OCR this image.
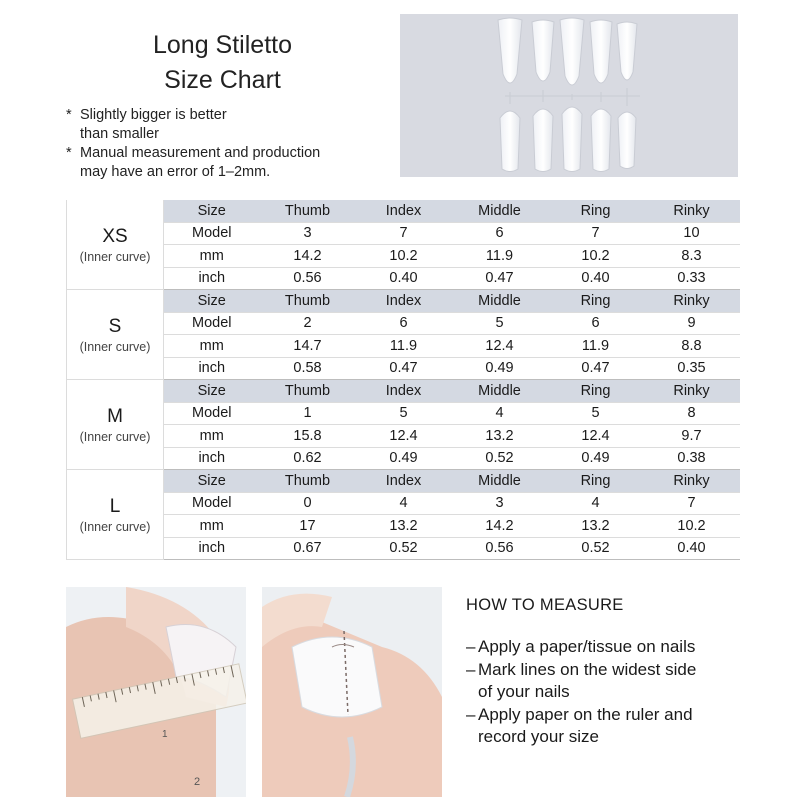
Long Stiletto
Size Chart
* Slightly bigger is better
than smaller
* Manual measurement and production
may have an error of 1–2mm.
XS
(Inner curve)	Size	Thumb	Index	Middle	Ring	Rinky
	Model	3	7	6	7	10
	mm	14.2	10.2	11.9	10.2	8.3
	inch	0.56	0.40	0.47	0.40	0.33

S
(Inner curve)	Size	Thumb	Index	Middle	Ring	Rinky
	Model	2	6	5	6	9
	mm	14.7	11.9	12.4	11.9	8.8
	inch	0.58	0.47	0.49	0.47	0.35

M
(Inner curve)	Size	Thumb	Index	Middle	Ring	Rinky
	Model	1	5	4	5	8
	mm	15.8	12.4	13.2	12.4	9.7
	inch	0.62	0.49	0.52	0.49	0.38

L
(Inner curve)	Size	Thumb	Index	Middle	Ring	Rinky
	Model	0	4	3	4	7
	mm	17	13.2	14.2	13.2	10.2
	inch	0.67	0.52	0.56	0.52	0.40
2
1
HOW TO MEASURE
– Apply a paper/tissue on nails
– Mark lines on the widest side
of your nails
– Apply paper on the ruler and
record your size
